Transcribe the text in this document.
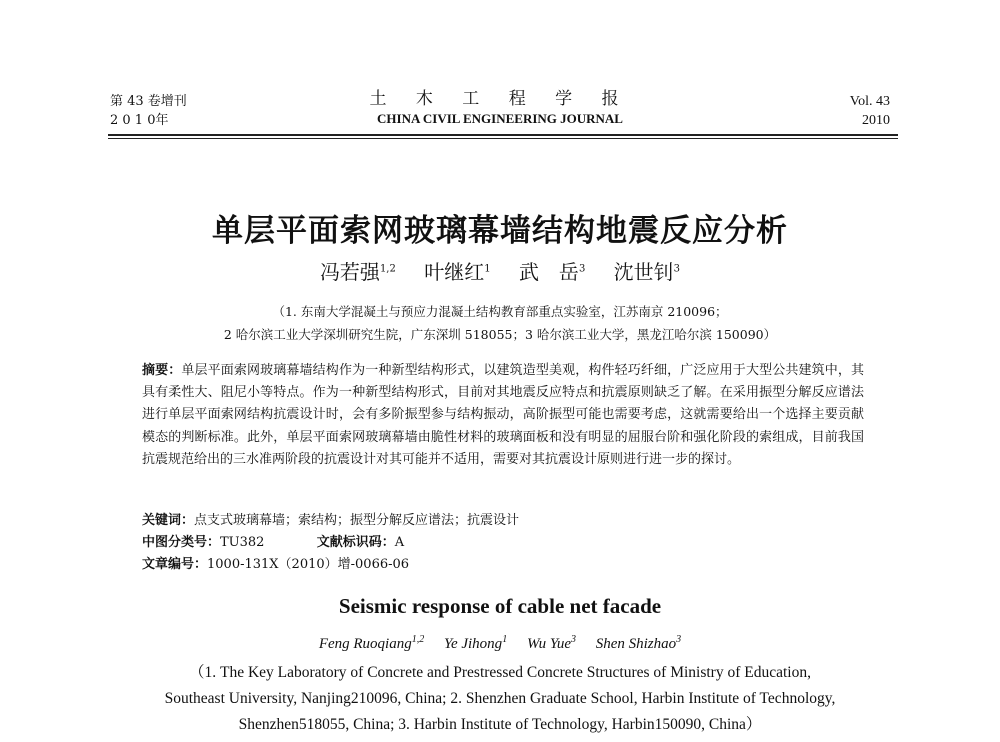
第 43 卷增刊
2 0 1 0年
土 木 工 程 学 报
CHINA CIVIL ENGINEERING JOURNAL
Vol. 43
2010
单层平面索网玻璃幕墙结构地震反应分析
冯若强$^{1,2}$ 叶继红$^1$ 武　岳$^3$ 沈世钊$^3$
（1. 东南大学混凝土与预应力混凝土结构教育部重点实验室，江苏南京 210096；
2 哈尔滨工业大学深圳研究生院，广东深圳 518055；3 哈尔滨工业大学，黑龙江哈尔滨 150090）
摘要：单层平面索网玻璃幕墙结构作为一种新型结构形式，以建筑造型美观，构件轻巧纤细，广泛应用于大型公共建筑中，其具有柔性大、阻尼小等特点。作为一种新型结构形式，目前对其地震反应特点和抗震原则缺乏了解。在采用振型分解反应谱法进行单层平面索网结构抗震设计时，会有多阶振型参与结构振动，高阶振型可能也需要考虑，这就需要给出一个选择主要贡献模态的判断标准。此外，单层平面索网玻璃幕墙由脆性材料的玻璃面板和没有明显的屈服台阶和强化阶段的索组成，目前我国抗震规范给出的三水准两阶段的抗震设计对其可能并不适用，需要对其抗震设计原则进行进一步的探讨。
关键词：点支式玻璃幕墙；索结构；振型分解反应谱法；抗震设计
中图分类号：TU382	文献标识码：A
文章编号：1000-131X（2010）增-0066-06
Seismic response of cable net facade
Feng Ruoqiang$^{1,2}$ Ye Jihong$^1$ Wu Yue$^3$ Shen Shizhao$^3$
（1. The Key Laboratory of Concrete and Prestressed Concrete Structures of Ministry of Education,
Southeast University, Nanjing210096, China; 2. Shenzhen Graduate School, Harbin Institute of Technology,
Shenzhen518055, China; 3. Harbin Institute of Technology, Harbin150090, China）
